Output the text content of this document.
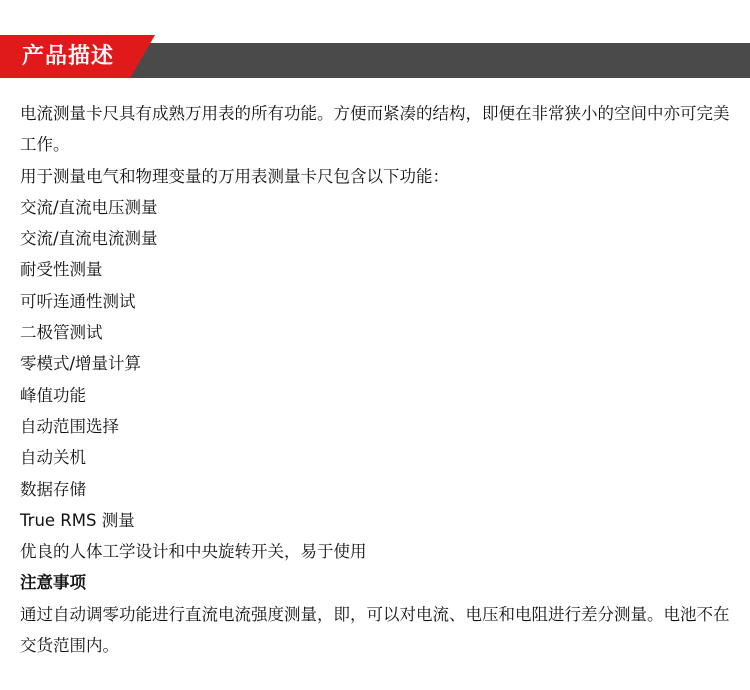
产品描述

电流测量卡尺具有成熟万用表的所有功能。方便而紧凑的结构，即便在非常狭小的空间中亦可完美工作。

用于测量电气和物理变量的万用表测量卡尺包含以下功能：

交流/直流电压测量

交流/直流电流测量

耐受性测量

可听连通性测试

二极管测试

零模式/增量计算

峰值功能

自动范围选择

自动关机

数据存储

True RMS 测量

优良的人体工学设计和中央旋转开关，易于使用

注意事项

通过自动调零功能进行直流电流强度测量，即，可以对电流、电压和电阻进行差分测量。电池不在交货范围内。
